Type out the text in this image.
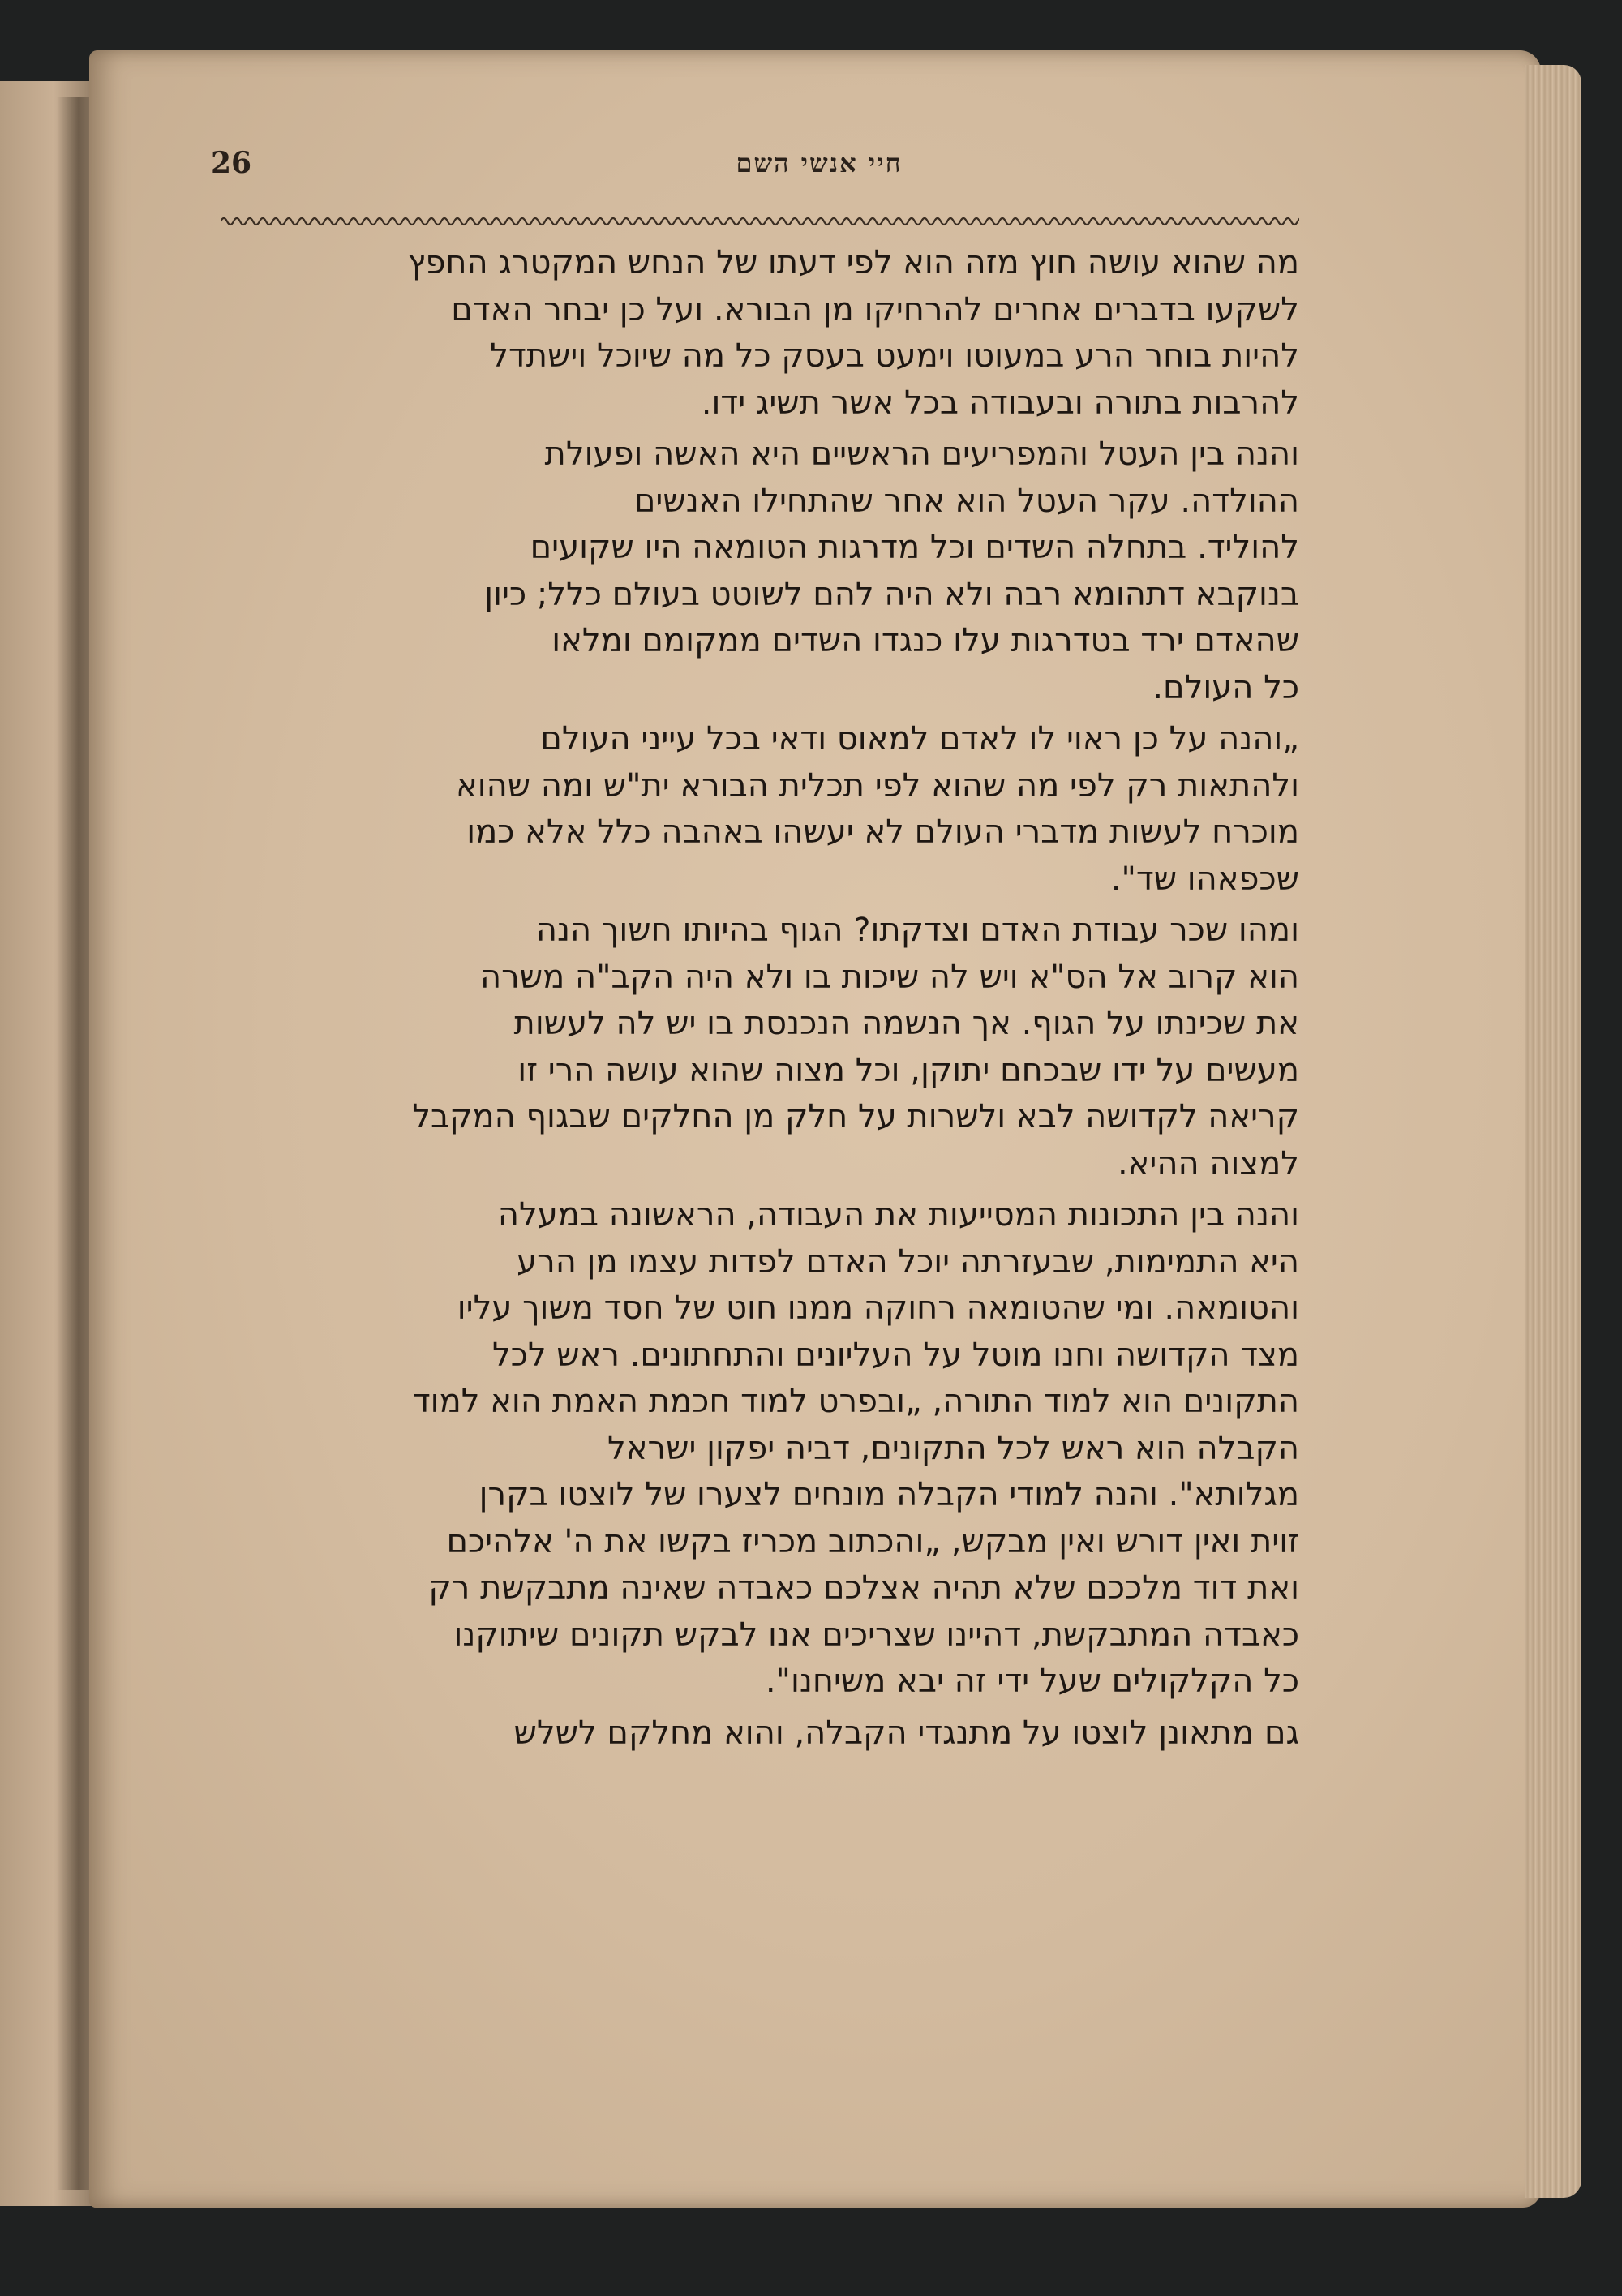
26	חיי אנשי השם

מה שהוא עושה חוץ מזה הוא לפי דעתו של הנחש המקטרג החפץ
לשקעו בדברים אחרים להרחיקו מן הבורא. ועל כן יבחר האדם
להיות בוחר הרע במעוטו וימעט בעסק כל מה שיוכל וישתדל
להרבות בתורה ובעבודה בכל אשר תשיג ידו.

והנה בין העטל והמפריעים הראשיים היא האשה ופעולת
ההולדה. עקר העטל הוא אחר שהתחילו האנשים
להוליד. בתחלה השדים וכל מדרגות הטומאה היו שקועים
בנוקבא דתהומא רבה ולא היה להם לשוטט בעולם כלל; כיון
שהאדם ירד בטדרגות עלו כנגדו השדים ממקומם ומלאו
כל העולם.

„והנה על כן ראוי לו לאדם למאוס ודאי בכל עייני העולם
ולהתאות רק לפי מה שהוא לפי תכלית הבורא ית"ש ומה שהוא
מוכרח לעשות מדברי העולם לא יעשהו באהבה כלל אלא כמו
שכפאהו שד".

ומהו שכר עבודת האדם וצדקתו? הגוף בהיותו חשוך הנה
הוא קרוב אל הס"א ויש לה שיכות בו ולא היה הקב"ה משרה
את שכינתו על הגוף. אך הנשמה הנכנסת בו יש לה לעשות
מעשים על ידו שבכחם יתוקן, וכל מצוה שהוא עושה הרי זו
קריאה לקדושה לבא ולשרות על חלק מן החלקים שבגוף המקבל
למצוה ההיא.

והנה בין התכונות המסייעות את העבודה, הראשונה במעלה
היא התמימות, שבעזרתה יוכל האדם לפדות עצמו מן הרע
והטומאה. ומי שהטומאה רחוקה ממנו חוט של חסד משוך עליו
מצד הקדושה וחנו מוטל על העליונים והתחתונים. ראש לכל
התקונים הוא למוד התורה, „ובפרט למוד חכמת האמת הוא למוד
הקבלה הוא ראש לכל התקונים, דביה יפקון ישראל
מגלותא". והנה למודי הקבלה מונחים לצערו של לוצטו בקרן
זוית ואין דורש ואין מבקש, „והכתוב מכריז בקשו את ה' אלהיכם
ואת דוד מלככם שלא תהיה אצלכם כאבדה שאינה מתבקשת רק
כאבדה המתבקשת, דהיינו שצריכים אנו לבקש תקונים שיתוקנו
כל הקלקולים שעל ידי זה יבא משיחנו".

גם מתאונן לוצטו על מתנגדי הקבלה, והוא מחלקם לשלש
